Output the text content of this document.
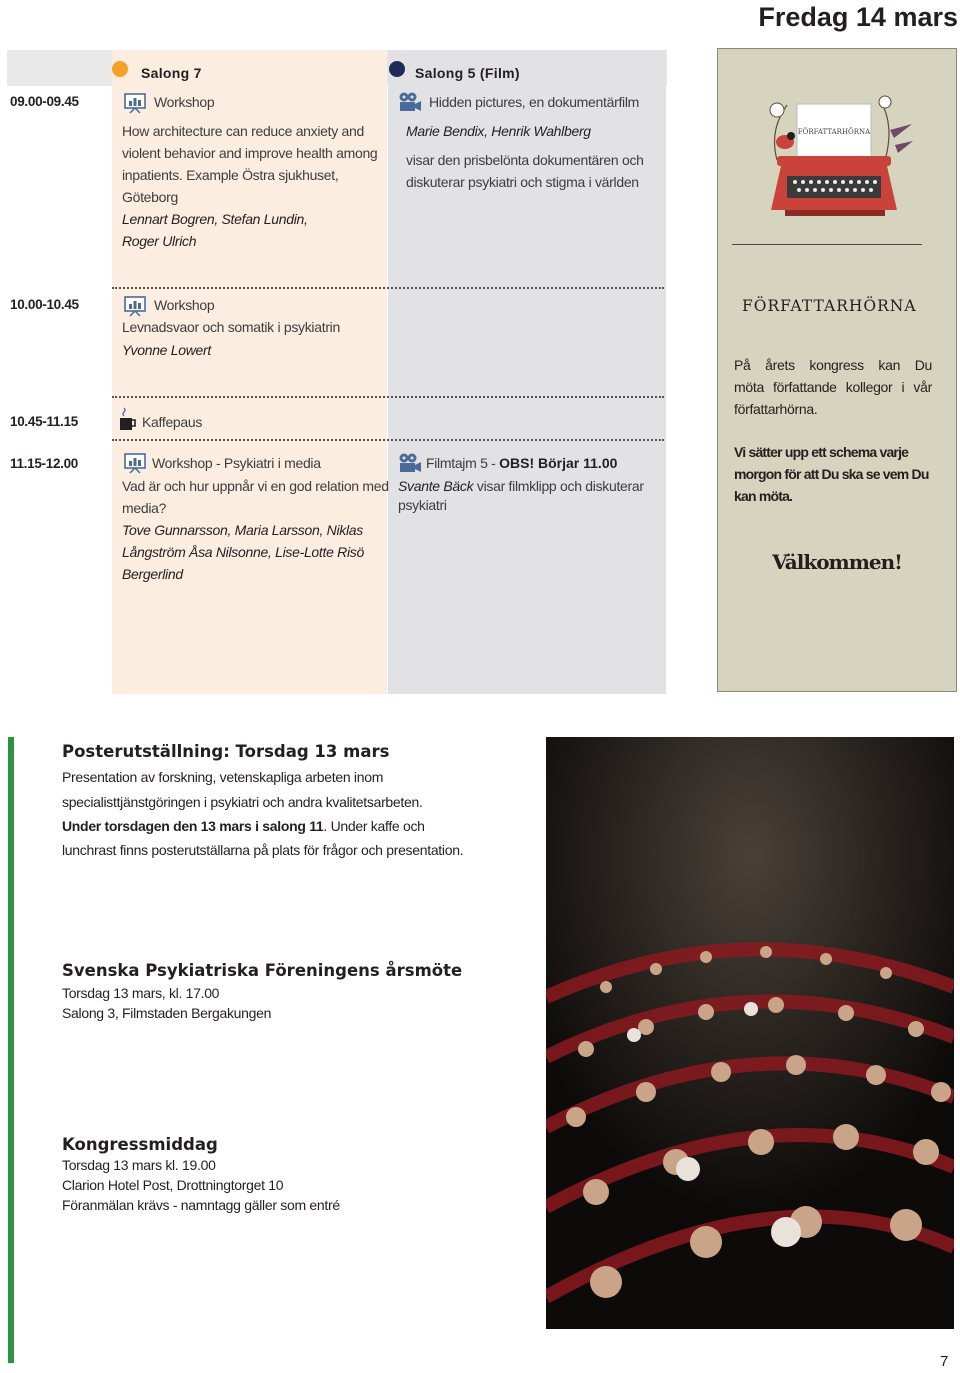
Fredag 14 mars
Salong 7	Salong 5 (Film)
09.00-09.45
10.00-10.45
10.45-11.15
11.15-12.00
Workshop
How architecture can reduce anxiety and
violent behavior and improve health among
inpatients. Example Östra sjukhuset,
Göteborg
Lennart Bogren, Stefan Lundin,
Roger Ulrich
Hidden pictures, en dokumentärfilm
Marie Bendix, Henrik Wahlberg
visar den prisbelönta dokumentären och
diskuterar psykiatri och stigma i världen
Workshop
Levnadsvaor och somatik i psykiatrin
Yvonne Lowert
Kaffepaus
Workshop - Psykiatri i media
Vad är och hur uppnår vi en god relation med
media?
Tove Gunnarsson, Maria Larsson, Niklas
Långström Åsa Nilsonne, Lise-Lotte Risö
Bergerlind
Filmtajm 5 - OBS! Börjar 11.00
Svante Bäck visar filmklipp och diskuterar
psykiatri
FÖRFATTARHÖRNA
FÖRFATTARHÖRNA
På årets kongress kan Du
möta författande kollegor i vår
författarhörna.
Vi sätter upp ett schema varje
morgon för att Du ska se vem Du
kan möta.
Välkommen!
Posterutställning: Torsdag 13 mars
Presentation av forskning, vetenskapliga arbeten inom
specialisttjänstgöringen i psykiatri och andra kvalitetsarbeten.
Under torsdagen den 13 mars i salong 11. Under kaffe och
lunchrast finns posterutställarna på plats för frågor och presentation.
Svenska Psykiatriska Föreningens årsmöte
Torsdag 13 mars, kl. 17.00
Salong 3, Filmstaden Bergakungen
Kongressmiddag
Torsdag 13 mars kl. 19.00
Clarion Hotel Post, Drottningtorget 10
Föranmälan krävs - namntagg gäller som entré
7
